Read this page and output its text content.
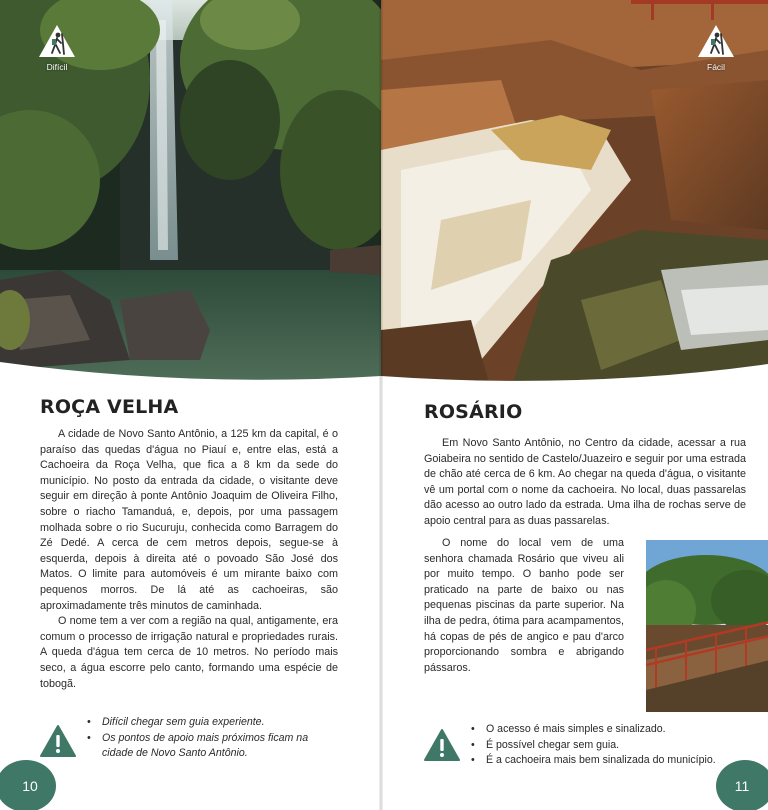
Difícil
ROÇA VELHA

A cidade de Novo Santo Antônio, a 125 km da capital, é o paraíso das quedas d'água no Piauí e, entre elas, está a Cachoeira da Roça Velha, que fica a 8 km da sede do município. No posto da entrada da cidade, o visitante deve seguir em direção à ponte Antônio Joaquim de Oliveira Filho, sobre o riacho Tamanduá, e, depois, por uma passagem molhada sobre o rio Sucuruju, conhecida como Barragem do Zé Dedé. A cerca de cem metros depois, segue-se à esquerda, depois à direita até o povoado São José dos Matos. O limite para automóveis é um mirante baixo com pequenos morros. De lá até as cachoeiras, são aproximadamente três minutos de caminhada.

O nome tem a ver com a região na qual, antigamente, era comum o processo de irrigação natural e propriedades rurais. A queda d'água tem cerca de 10 metros. No período mais seco, a água escorre pelo canto, formando uma espécie de tobogã.

• Difícil chegar sem guia experiente.
• Os pontos de apoio mais próximos ficam na cidade de Novo Santo Antônio.
10
Fácil
ROSÁRIO

Em Novo Santo Antônio, no Centro da cidade, acessar a rua Goiabeira no sentido de Castelo/Juazeiro e seguir por uma estrada de chão até cerca de 6 km. Ao chegar na queda d'água, o visitante vê um portal com o nome da cachoeira. No local, duas passarelas dão acesso ao outro lado da estrada. Uma ilha de rochas serve de apoio central para as duas passarelas.

O nome do local vem de uma senhora chamada Rosário que viveu ali por muito tempo. O banho pode ser praticado na parte de baixo ou nas pequenas piscinas da parte superior. Na ilha de pedra, ótima para acampamentos, há copas de pés de angico e pau d'arco proporcionando sombra e abrigando pássaros.

• O acesso é mais simples e sinalizado.
• É possível chegar sem guia.
• É a cachoeira mais bem sinalizada do município.
11
